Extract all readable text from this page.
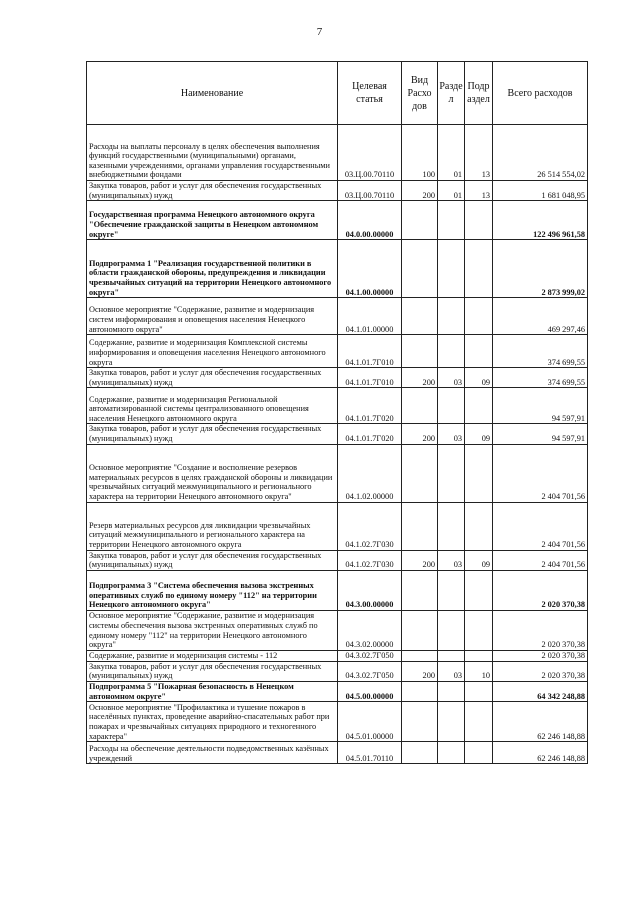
7
Наименование	Целевая статья	Вид Расхо дов	Разде л	Подр аздел	Всего расходов
Расходы на выплаты персоналу в целях обеспечения выполнения функций государственными (муниципальными) органами, казенными учреждениями, органами управления государственными внебюджетными фондами	03.Ц.00.70110	100	01	13	26 514 554,02
Закупка товаров, работ и услуг для обеспечения государственных (муниципальных) нужд	03.Ц.00.70110	200	01	13	1 681 048,95
Государственная программа Ненецкого автономного округа "Обеспечение гражданской защиты в Ненецком автономном округе"	04.0.00.00000				122 496 961,58
Подпрограмма 1 "Реализация государственной политики в области гражданской обороны, предупреждения и ликвидации чрезвычайных ситуаций на территории Ненецкого автономного округа"	04.1.00.00000				2 873 999,02
Основное мероприятие "Содержание, развитие и модернизация систем информирования и оповещения населения Ненецкого автономного округа"	04.1.01.00000				469 297,46
Содержание, развитие и модернизация Комплексной системы информирования и оповещения населения Ненецкого автономного округа	04.1.01.7Г010				374 699,55
Закупка товаров, работ и услуг для обеспечения государственных (муниципальных) нужд	04.1.01.7Г010	200	03	09	374 699,55
Содержание, развитие и модернизация Региональной автоматизированной системы централизованного оповещения населения Ненецкого автономного округа	04.1.01.7Г020				94 597,91
Закупка товаров, работ и услуг для обеспечения государственных (муниципальных) нужд	04.1.01.7Г020	200	03	09	94 597,91
Основное мероприятие "Создание и восполнение резервов материальных ресурсов в целях гражданской обороны и ликвидации чрезвычайных ситуаций межмуниципального и регионального характера на территории Ненецкого автономного округа"	04.1.02.00000				2 404 701,56
Резерв материальных ресурсов для ликвидации чрезвычайных ситуаций межмуниципального и регионального характера на территории Ненецкого автономного округа	04.1.02.7Г030				2 404 701,56
Закупка товаров, работ и услуг для обеспечения государственных (муниципальных) нужд	04.1.02.7Г030	200	03	09	2 404 701,56
Подпрограмма 3 "Система обеспечения вызова экстренных оперативных служб по единому номеру "112" на территории Ненецкого автономного округа"	04.3.00.00000				2 020 370,38
Основное мероприятие "Содержание, развитие и модернизация системы обеспечения вызова экстренных оперативных служб по единому номеру "112" на территории Ненецкого автономного округа"	04.3.02.00000				2 020 370,38
Содержание, развитие и модернизация системы - 112	04.3.02.7Г050				2 020 370,38
Закупка товаров, работ и услуг для обеспечения государственных (муниципальных) нужд	04.3.02.7Г050	200	03	10	2 020 370,38
Подпрограмма 5 "Пожарная безопасность в Ненецком автономном округе"	04.5.00.00000				64 342 248,88
Основное мероприятие "Профилактика и тушение пожаров в населённых пунктах, проведение аварийно-спасательных работ при пожарах и чрезвычайных ситуациях природного и техногенного характера"	04.5.01.00000				62 246 148,88
Расходы на обеспечение деятельности подведомственных казённых учреждений	04.5.01.70110				62 246 148,88
